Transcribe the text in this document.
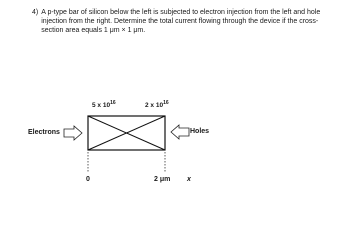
4) A p-type bar of silicon below the left is subjected to electron injection from the left and hole injection from the right. Determine the total current flowing through the device if the cross-section area equals 1 μm × 1 μm.
5 x $10^{16}$	2 x $10^{16}$
Electrons	Holes
0	2 μm x
